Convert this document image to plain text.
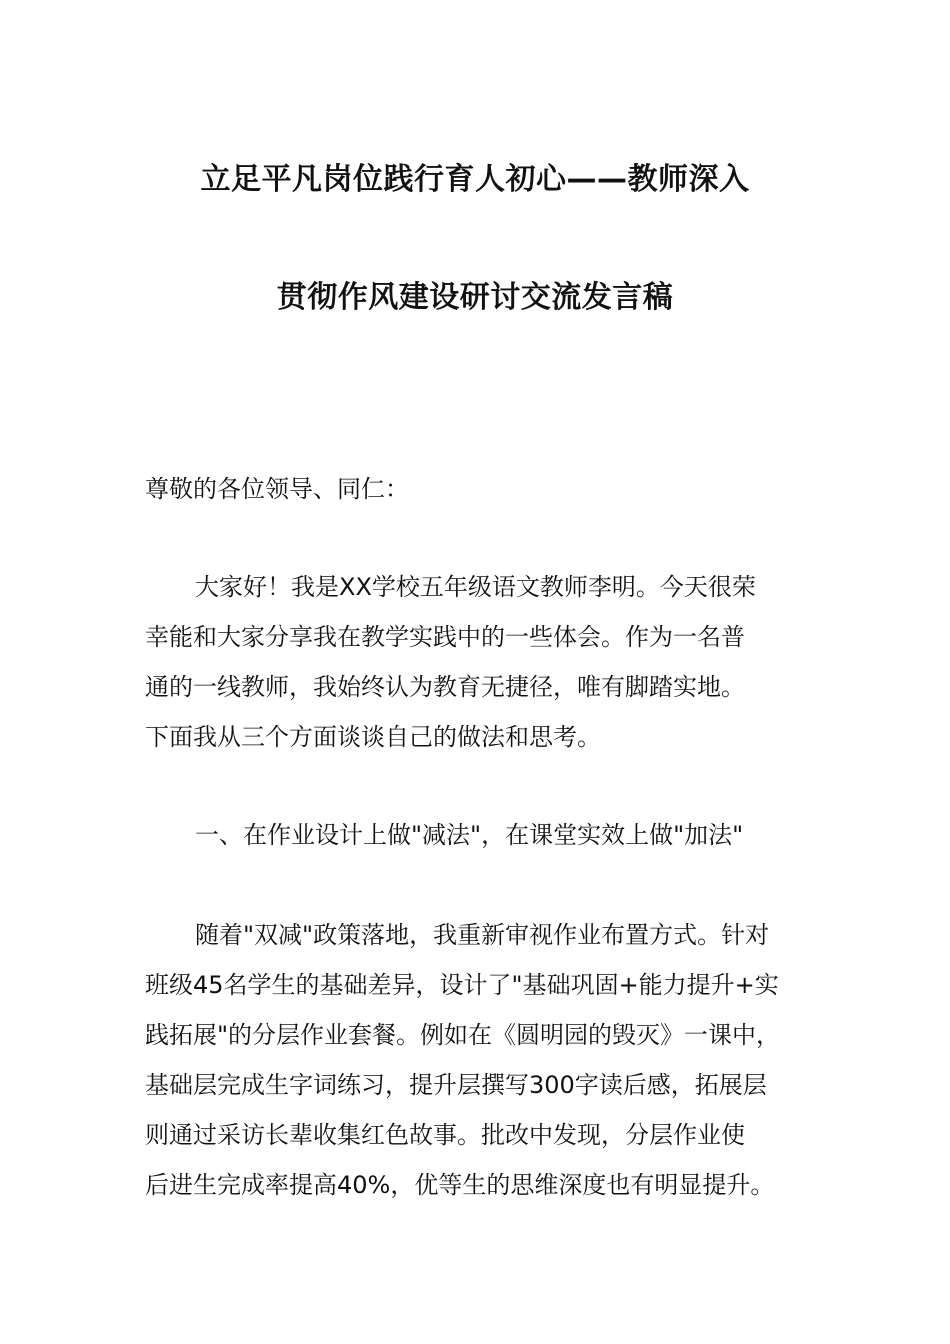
立足平凡岗位践行育人初心——教师深入
贯彻作风建设研讨交流发言稿
尊敬的各位领导、同仁：
大家好！我是XX学校五年级语文教师李明。今天很荣
幸能和大家分享我在教学实践中的一些体会。作为一名普
通的一线教师，我始终认为教育无捷径，唯有脚踏实地。
下面我从三个方面谈谈自己的做法和思考。
一、在作业设计上做"减法"，在课堂实效上做"加法"
随着"双减"政策落地，我重新审视作业布置方式。针对
班级45名学生的基础差异，设计了"基础巩固+能力提升+实
践拓展"的分层作业套餐。例如在《圆明园的毁灭》一课中，
基础层完成生字词练习，提升层撰写300字读后感，拓展层
则通过采访长辈收集红色故事。批改中发现，分层作业使
后进生完成率提高40%，优等生的思维深度也有明显提升。
